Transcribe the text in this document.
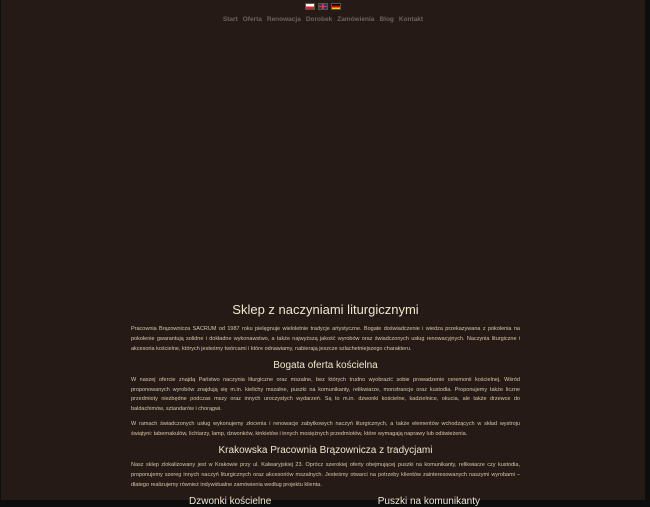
Start Oferta Renowacja Dorobek Zamówienia Blog Kontakt
Sklep z naczyniami liturgicznymi

Pracownia Brązownicza SACRUM od 1987 roku pielęgnuje wieloletnie tradycje artystyczne. Bogate doświadczenie i wiedza przekazywana z pokolenia na pokolenie gwarantują solidne i dokładne wykonawstwo, a także najwyższą jakość wyrobów oraz świadczonych usług renowacyjnych. Naczynia liturgiczne i akcesoria kościelne, których jesteśmy twórcami i które odnawiamy, nabierają jeszcze szlachetniejszego charakteru.

Bogata oferta kościelna

W naszej ofercie znajdą Państwo naczynia liturgiczne oraz mszalne, bez których trudno wyobrazić sobie prowadzenie ceremonii kościelnej. Wśród proponowanych wyrobów znajdują się m.in. kielichy mszalne, puszki na komunikanty, relikwiarze, monstrancje oraz kustodia. Proponujemy także liczne przedmioty niezbędne podczas mszy oraz innych uroczystych wydarzeń. Są to m.in. dzwonki kościelne, kadzielnice, okucia, ale także drzewce do baldachimów, sztandarów i chorągwi.

W ramach świadczonych usług wykonujemy złocenia i renowacje zabytkowych naczyń liturgicznych, a także elementów wchodzących w skład wystroju świątyni: tabernakulów, lichtarzy, lamp, dzwonków, kinkietów i innych mosiężnych przedmiotów, które wymagają naprawy lub odświeżenia.

Krakowska Pracownia Brązownicza z tradycjami

Nasz sklep zlokalizowany jest w Krakowie przy ul. Kalwaryjskiej 23. Oprócz szerokiej oferty obejmującej puszki na komunikanty, relikwiarze czy kustodia, proponujemy szereg innych naczyń liturgicznych oraz akcesoriów mszalnych. Jesteśmy otwarci na potrzeby klientów zainteresowanych naszymi wyrobami – dlatego realizujemy również indywidualne zamówienia według projektu klienta.

Dzwonki kościelne	Puszki na komunikanty
